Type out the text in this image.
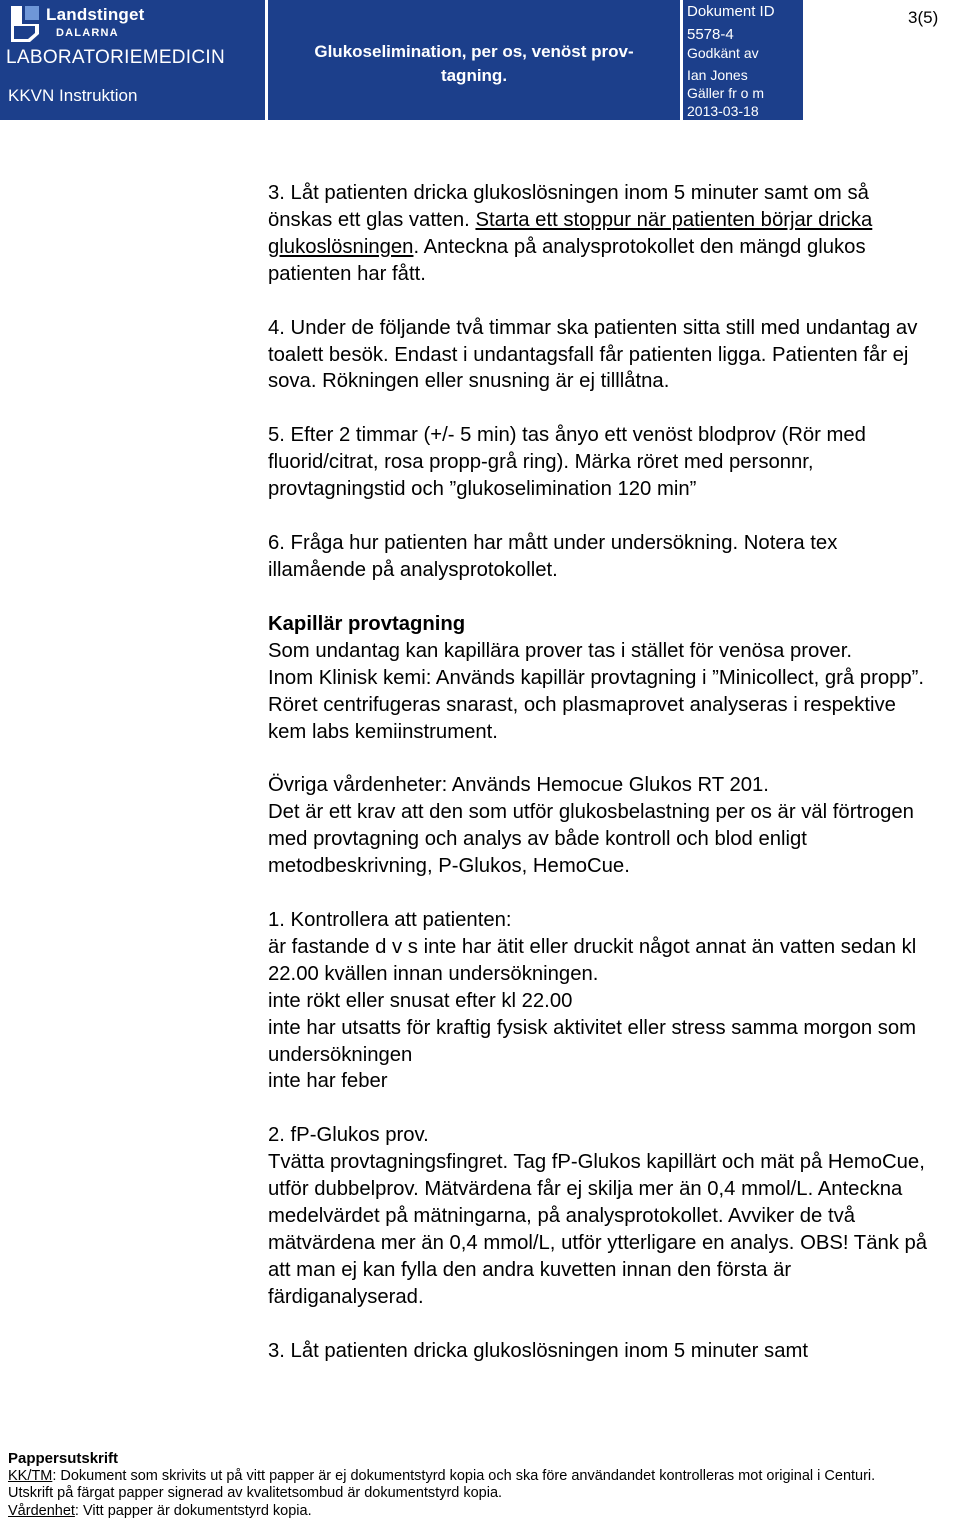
Landstinget
DALARNA
LABORATORIEMEDICIN
KKVN Instruktion
Glukoselimination, per os, venöst prov-
tagning.
Dokument ID
5578-4
Godkänt av
Ian Jones
Gäller fr o m
2013-03-18
3(5)

3. Låt patienten dricka glukoslösningen inom 5 minuter samt om så önskas ett glas vatten. Starta ett stoppur när patienten börjar dricka glukoslösningen. Anteckna på analysprotokollet den mängd glukos patienten har fått.

4. Under de följande två timmar ska patienten sitta still med undantag av toalett besök. Endast i undantagsfall får patienten ligga. Patienten får ej sova. Rökningen eller snusning är ej tilllåtna.

5. Efter 2 timmar (+/- 5 min) tas ånyo ett venöst blodprov (Rör med fluorid/citrat, rosa propp-grå ring). Märka röret med personnr, provtagningstid och ”glukoselimination 120 min”

6. Fråga hur patienten har mått under undersökning. Notera tex illamående på analysprotokollet.

Kapillär provtagning

Som undantag kan kapillära prover tas i stället för venösa prover.

Inom Klinisk kemi: Används kapillär provtagning i ”Minicollect, grå propp”. Röret centrifugeras snarast, och plasmaprovet analyseras i respektive kem labs kemiinstrument.

Övriga vårdenheter: Används Hemocue Glukos RT 201.

Det är ett krav att den som utför glukosbelastning per os är väl förtrogen med provtagning och analys av både kontroll och blod enligt metodbeskrivning, P-Glukos, HemoCue.

1. Kontrollera att patienten:

är fastande d v s inte har ätit eller druckit något annat än vatten sedan kl 22.00 kvällen innan undersökningen.

inte rökt eller snusat efter kl 22.00

inte har utsatts för kraftig fysisk aktivitet eller stress samma morgon som undersökningen

inte har feber

2. fP-Glukos prov.

Tvätta provtagningsfingret. Tag fP-Glukos kapillärt och mät på HemoCue, utför dubbelprov. Mätvärdena får ej skilja mer än 0,4 mmol/L. Anteckna medelvärdet på mätningarna, på analysprotokollet. Avviker de två mätvärdena mer än 0,4 mmol/L, utför ytterligare en analys. OBS! Tänk på att man ej kan fylla den andra kuvetten innan den första är färdiganalyserad.

3. Låt patienten dricka glukoslösningen inom 5 minuter samt

Pappersutskrift
KK/TM: Dokument som skrivits ut på vitt papper är ej dokumentstyrd kopia och ska före användandet kontrolleras mot original i Centuri.
Utskrift på färgat papper signerad av kvalitetsombud är dokumentstyrd kopia.
Vårdenhet: Vitt papper är dokumentstyrd kopia.
